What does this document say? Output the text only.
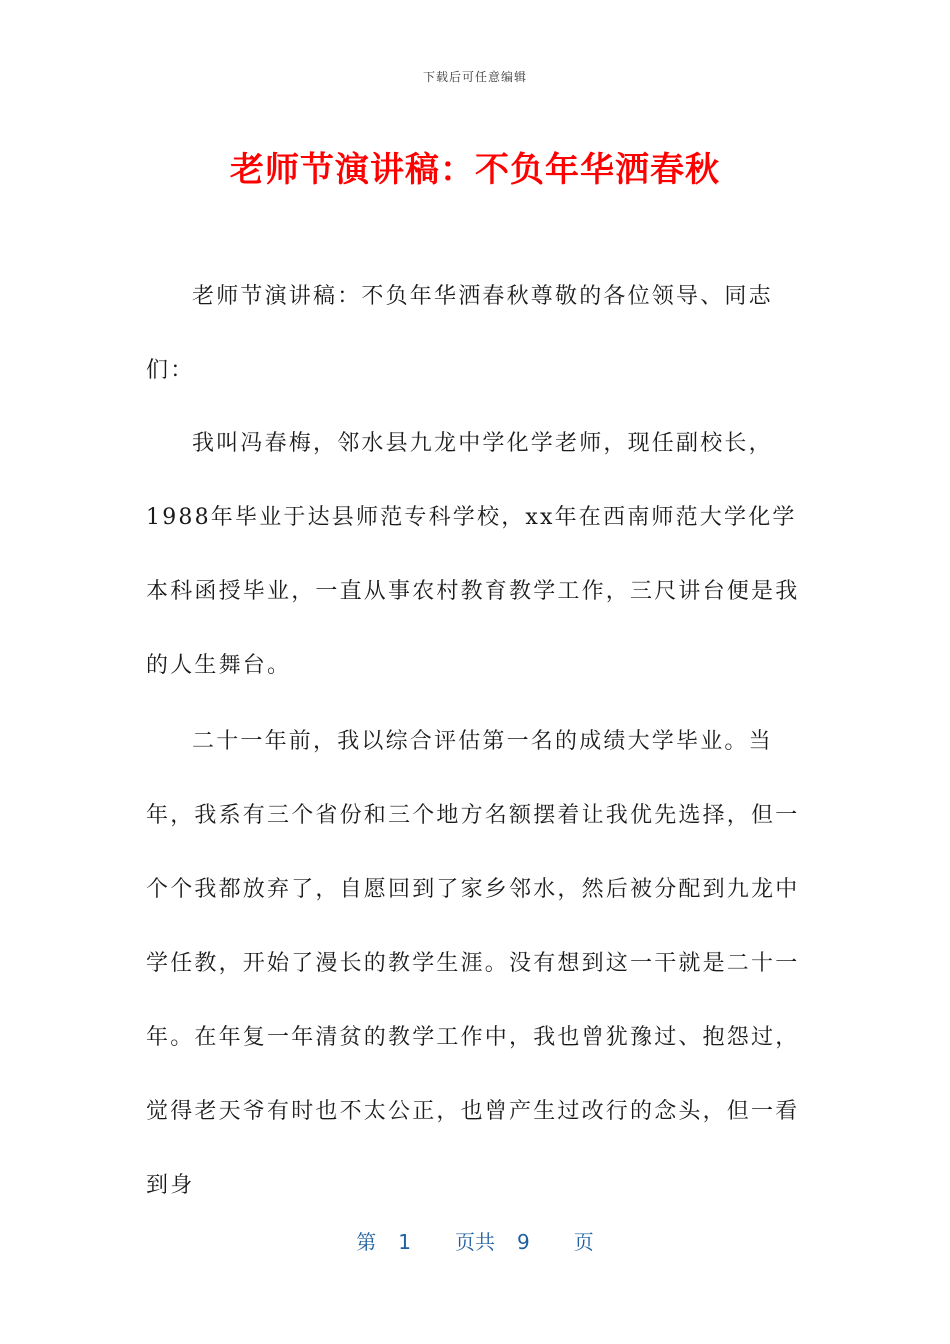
下载后可任意编辑
老师节演讲稿：不负年华洒春秋

老师节演讲稿：不负年华洒春秋尊敬的各位领导、同志们：

我叫冯春梅，邻水县九龙中学化学老师，现任副校长，1988年毕业于达县师范专科学校，xx年在西南师范大学化学本科函授毕业，一直从事农村教育教学工作，三尺讲台便是我的人生舞台。

二十一年前，我以综合评估第一名的成绩大学毕业。当年，我系有三个省份和三个地方名额摆着让我优先选择，但一个个我都放弃了，自愿回到了家乡邻水，然后被分配到九龙中学任教，开始了漫长的教学生涯。没有想到这一干就是二十一年。在年复一年清贫的教学工作中，我也曾犹豫过、抱怨过，觉得老天爷有时也不太公正，也曾产生过改行的念头，但一看到身

第 1 页共 9 页
